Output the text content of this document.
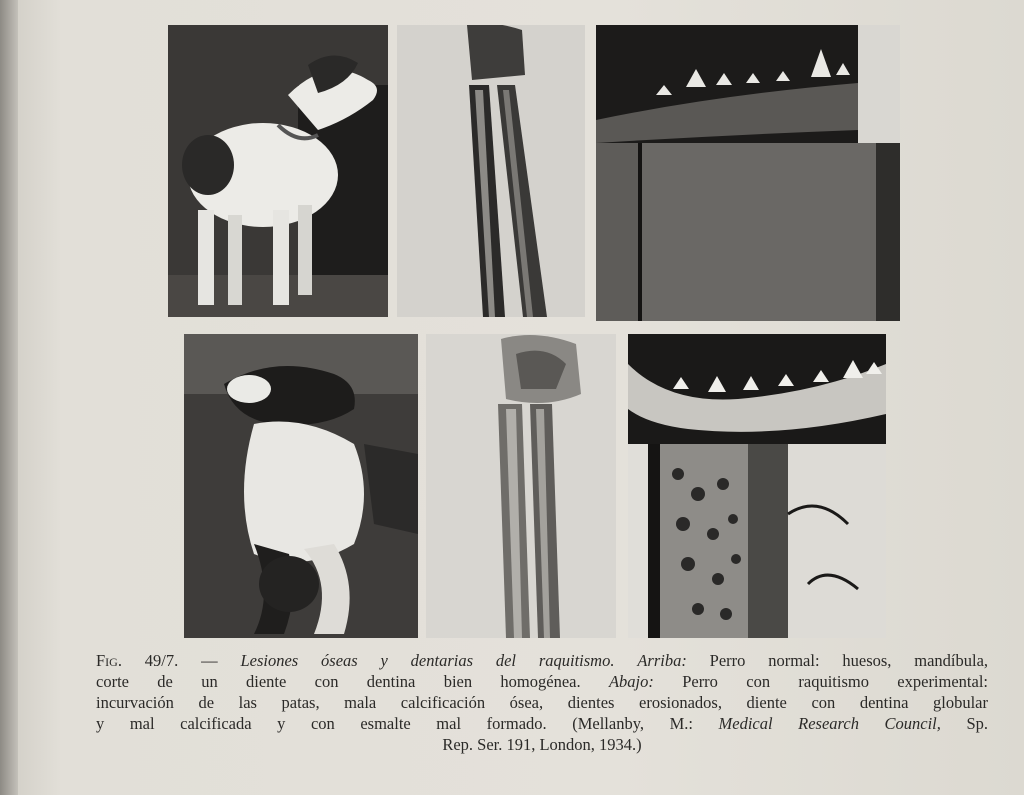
Fig. 49/7. — Lesiones óseas y dentarias del raquitismo. Arriba: Perro normal: huesos, mandíbula,
corte de un diente con dentina bien homogénea. Abajo: Perro con raquitismo experimental:
incurvación de las patas, mala calcificación ósea, dientes erosionados, diente con dentina globular
y mal calcificada y con esmalte mal formado. (Mellanby, M.: Medical Research Council, Sp.
Rep. Ser. 191, London, 1934.)
